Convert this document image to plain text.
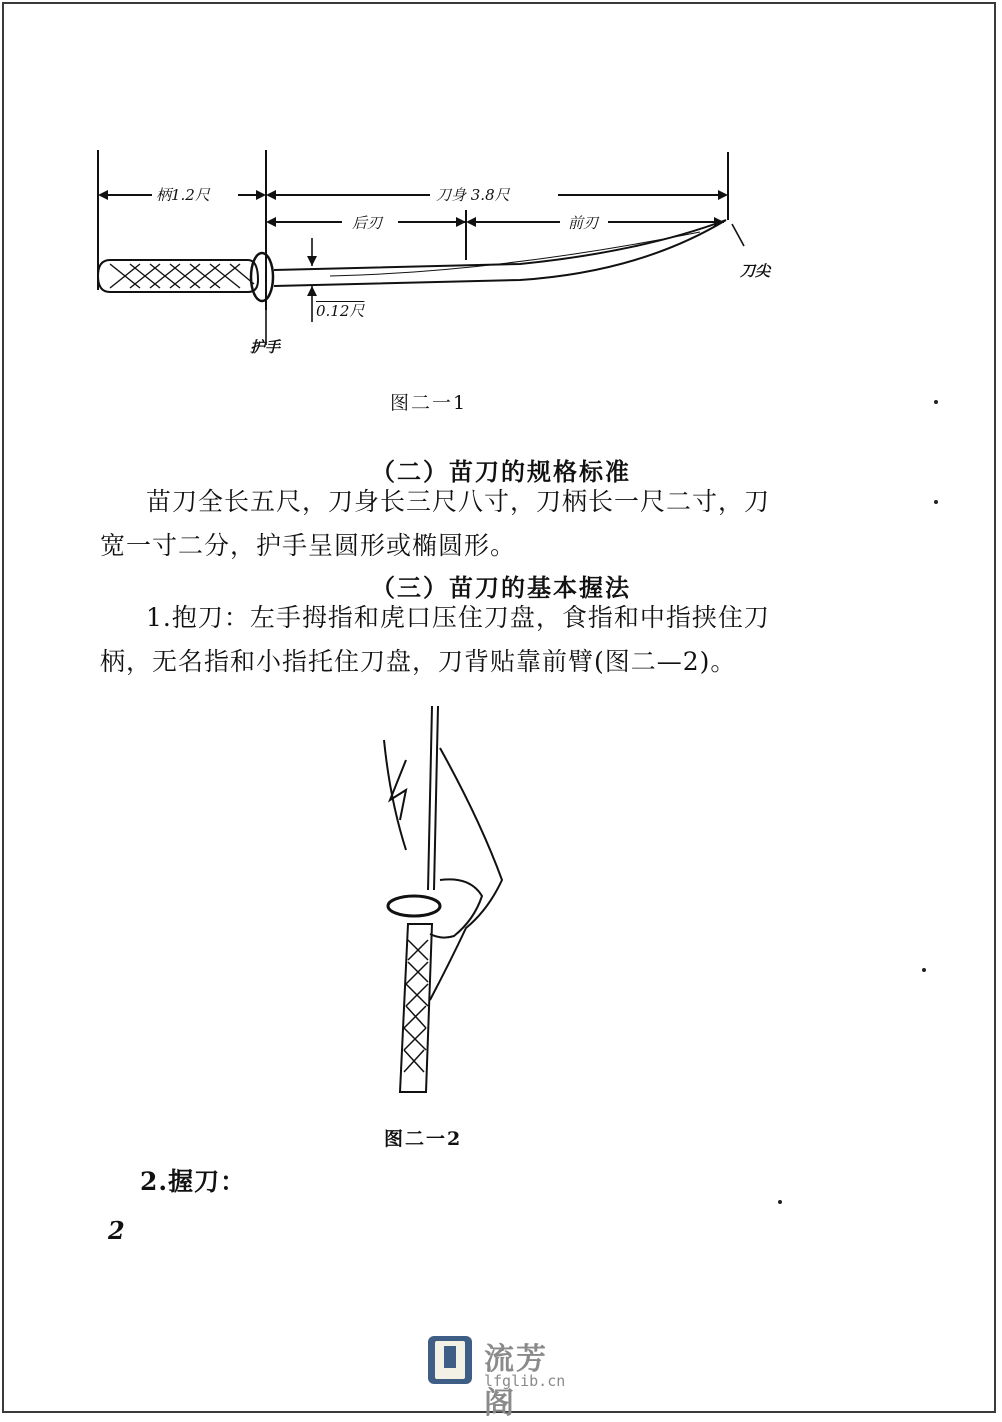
柄1.2尺	刀身 3.8尺
后刃	前刃
0.12尺
刀尖
护手
图二一1
（二）苗刀的规格标准
苗刀全长五尺，刀身长三尺八寸，刀柄长一尺二寸，刀宽一寸二分，护手呈圆形或椭圆形。
（三）苗刀的基本握法
1.抱刀：左手拇指和虎口压住刀盘，食指和中指挟住刀柄，无名指和小指托住刀盘，刀背贴靠前臂(图二—2)。
图二一2
2.握刀：
2
流芳阁
lfglib.cn
